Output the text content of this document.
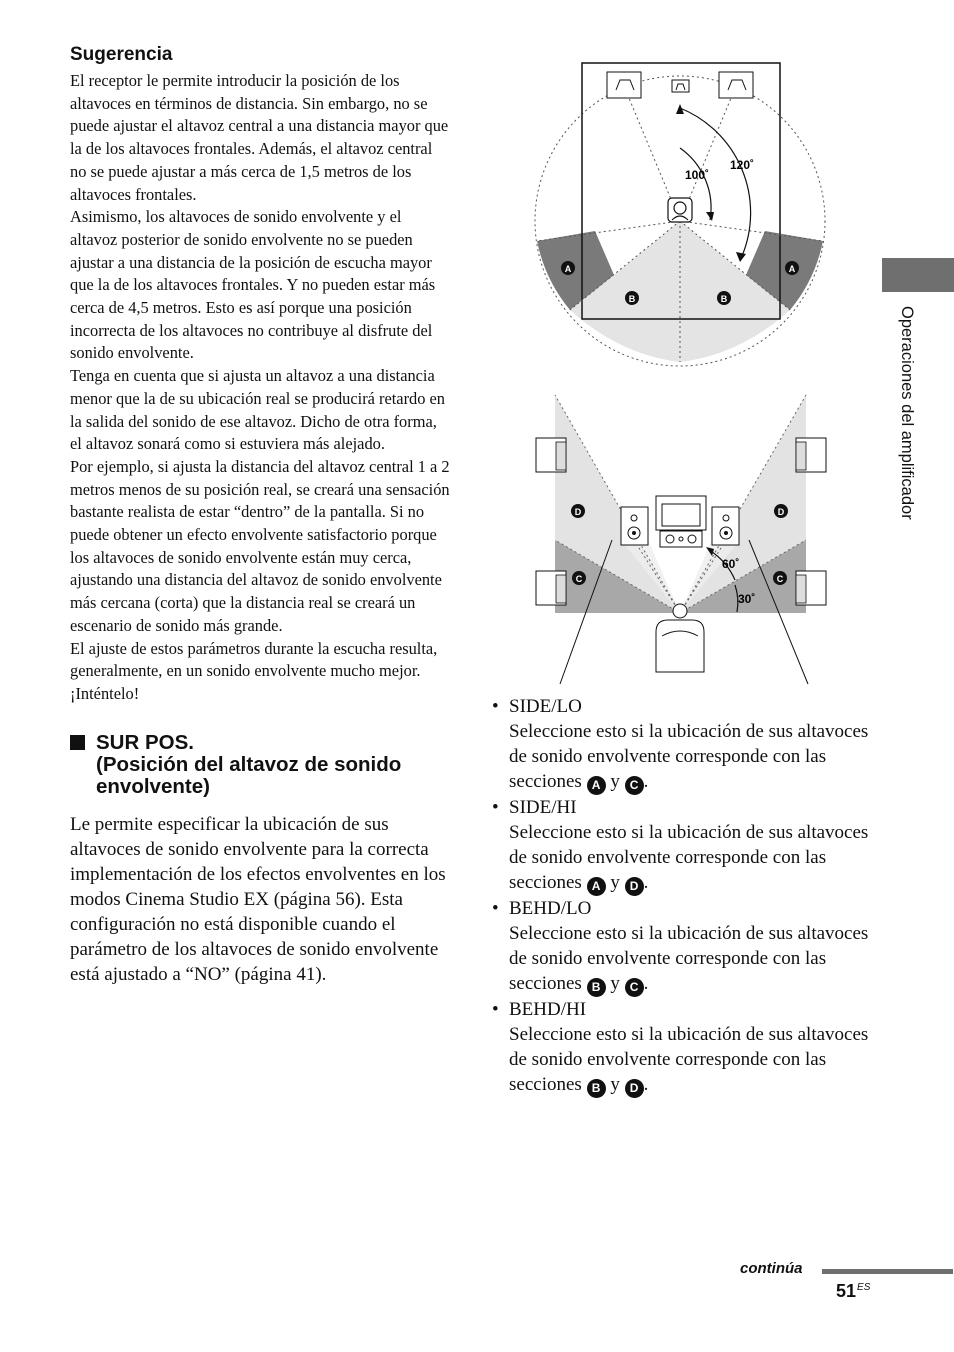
Sugerencia

El receptor le permite introducir la posición de los altavoces en términos de distancia. Sin embargo, no se puede ajustar el altavoz central a una distancia mayor que la de los altavoces frontales. Además, el altavoz central no se puede ajustar a más cerca de 1,5 metros de los altavoces frontales.

Asimismo, los altavoces de sonido envolvente y el altavoz posterior de sonido envolvente no se pueden ajustar a una distancia de la posición de escucha mayor que la de los altavoces frontales. Y no pueden estar más cerca de 4,5 metros. Esto es así porque una posición incorrecta de los altavoces no contribuye al disfrute del sonido envolvente.

Tenga en cuenta que si ajusta un altavoz a una distancia menor que la de su ubicación real se producirá retardo en la salida del sonido de ese altavoz. Dicho de otra forma, el altavoz sonará como si estuviera más alejado.

Por ejemplo, si ajusta la distancia del altavoz central 1 a 2 metros menos de su posición real, se creará una sensación bastante realista de estar “dentro” de la pantalla. Si no puede obtener un efecto envolvente satisfactorio porque los altavoces de sonido envolvente están muy cerca, ajustando una distancia del altavoz de sonido envolvente más cercana (corta) que la distancia real se creará un escenario de sonido más grande.

El ajuste de estos parámetros durante la escucha resulta, generalmente, en un sonido envolvente mucho mejor. ¡Inténtelo!

SUR POS.
(Posición del altavoz de sonido envolvente)
Le permite especificar la ubicación de sus altavoces de sonido envolvente para la correcta implementación de los efectos envolventes en los modos Cinema Studio EX (página 56). Esta configuración no está disponible cuando el parámetro de los altavoces de sonido envolvente está ajustado a “NO” (página 41).
100˚
120˚
A	A
B	B
60˚
30˚
D	D
C	C
• SIDE/LO
Seleccione esto si la ubicación de sus altavoces de sonido envolvente corresponde con las secciones A y C .
• SIDE/HI
Seleccione esto si la ubicación de sus altavoces de sonido envolvente corresponde con las secciones A y D .
• BEHD/LO
Seleccione esto si la ubicación de sus altavoces de sonido envolvente corresponde con las secciones B y C .
• BEHD/HI
Seleccione esto si la ubicación de sus altavoces de sonido envolvente corresponde con las secciones B y D .
Operaciones del amplificador
continúa
$51^{ES}$
